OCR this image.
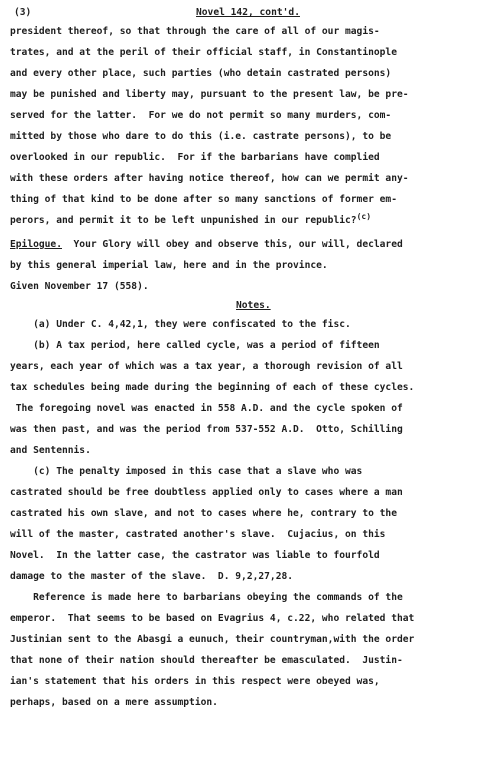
(3)	Novel 142, cont'd.
president thereof, so that through the care of all of our magis-
trates, and at the peril of their official staff, in Constantinople
and every other place, such parties (who detain castrated persons)
may be punished and liberty may, pursuant to the present law, be pre-
served for the latter.  For we do not permit so many murders, com-
mitted by those who dare to do this (i.e. castrate persons), to be
overlooked in our republic.  For if the barbarians have complied
with these orders after having notice thereof, how can we permit any-
thing of that kind to be done after so many sanctions of former em-
perors, and permit it to be left unpunished in our republic?$^{(c)}$
Epilogue.  Your Glory will obey and observe this, our will, declared
by this general imperial law, here and in the province.
Given November 17 (558).
Notes.
(a) Under C. 4,42,1, they were confiscated to the fisc.
(b) A tax period, here called cycle, was a period of fifteen
years, each year of which was a tax year, a thorough revision of all
tax schedules being made during the beginning of each of these cycles.
The foregoing novel was enacted in 558 A.D. and the cycle spoken of
was then past, and was the period from 537-552 A.D.  Otto, Schilling
and Sentennis.
(c) The penalty imposed in this case that a slave who was
castrated should be free doubtless applied only to cases where a man
castrated his own slave, and not to cases where he, contrary to the
will of the master, castrated another's slave.  Cujacius, on this
Novel.  In the latter case, the castrator was liable to fourfold
damage to the master of the slave.  D. 9,2,27,28.
Reference is made here to barbarians obeying the commands of the
emperor.  That seems to be based on Evagrius 4, c.22, who related that
Justinian sent to the Abasgi a eunuch, their countryman,with the order
that none of their nation should thereafter be emasculated.  Justin-
ian's statement that his orders in this respect were obeyed was,
perhaps, based on a mere assumption.
